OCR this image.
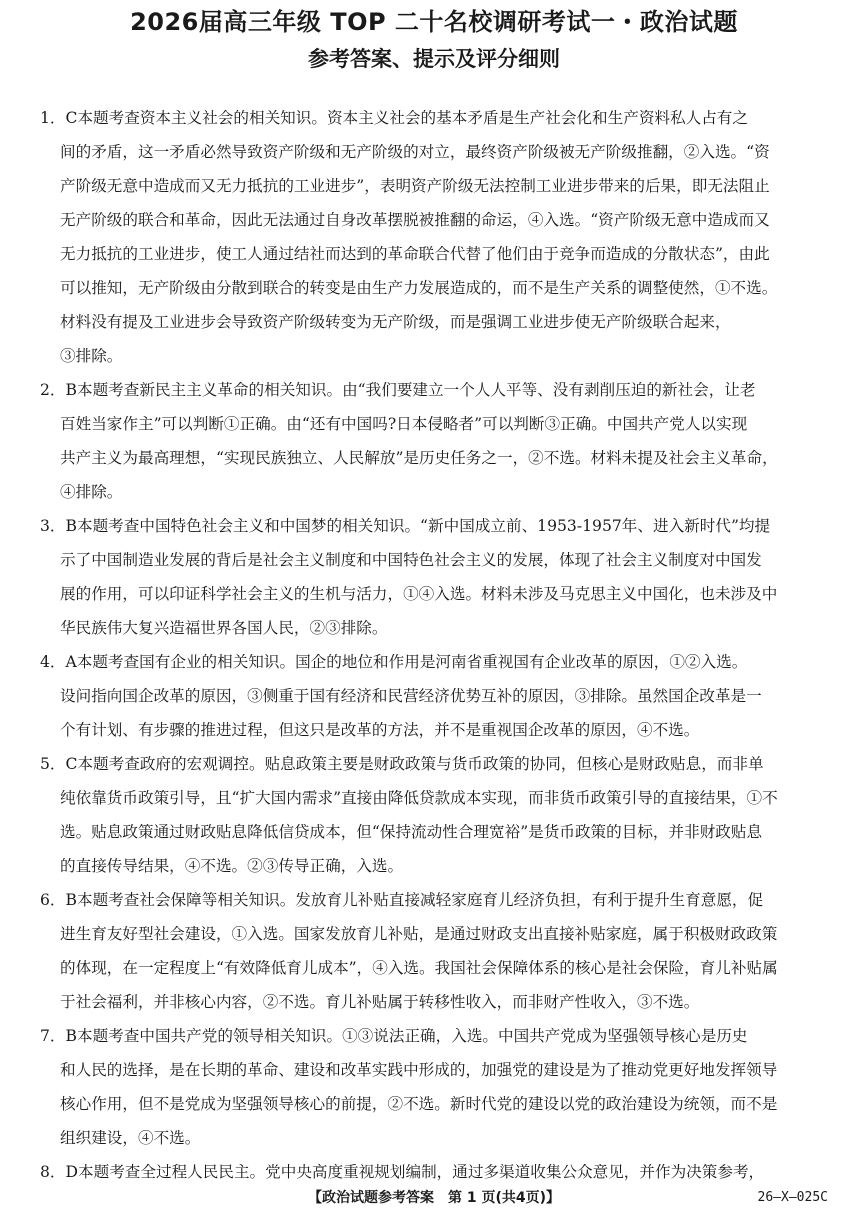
2026届高三年级 TOP 二十名校调研考试一・政治试题
参考答案、提示及评分细则
1．C本题考查资本主义社会的相关知识。资本主义社会的基本矛盾是生产社会化和生产资料私人占有之
间的矛盾，这一矛盾必然导致资产阶级和无产阶级的对立，最终资产阶级被无产阶级推翻，②入选。“资
产阶级无意中造成而又无力抵抗的工业进步”，表明资产阶级无法控制工业进步带来的后果，即无法阻止
无产阶级的联合和革命，因此无法通过自身改革摆脱被推翻的命运，④入选。“资产阶级无意中造成而又
无力抵抗的工业进步，使工人通过结社而达到的革命联合代替了他们由于竞争而造成的分散状态”，由此
可以推知，无产阶级由分散到联合的转变是由生产力发展造成的，而不是生产关系的调整使然，①不选。
材料没有提及工业进步会导致资产阶级转变为无产阶级，而是强调工业进步使无产阶级联合起来，
③排除。
2．B本题考查新民主主义革命的相关知识。由“我们要建立一个人人平等、没有剥削压迫的新社会，让老
百姓当家作主”可以判断①正确。由“还有中国吗?日本侵略者”可以判断③正确。中国共产党人以实现
共产主义为最高理想，“实现民族独立、人民解放”是历史任务之一，②不选。材料未提及社会主义革命，
④排除。
3．B本题考查中国特色社会主义和中国梦的相关知识。“新中国成立前、1953-1957年、进入新时代”均提
示了中国制造业发展的背后是社会主义制度和中国特色社会主义的发展，体现了社会主义制度对中国发
展的作用，可以印证科学社会主义的生机与活力，①④入选。材料未涉及马克思主义中国化，也未涉及中
华民族伟大复兴造福世界各国人民，②③排除。
4．A本题考查国有企业的相关知识。国企的地位和作用是河南省重视国有企业改革的原因，①②入选。
设问指向国企改革的原因，③侧重于国有经济和民营经济优势互补的原因，③排除。虽然国企改革是一
个有计划、有步骤的推进过程，但这只是改革的方法，并不是重视国企改革的原因，④不选。
5．C本题考查政府的宏观调控。贴息政策主要是财政政策与货币政策的协同，但核心是财政贴息，而非单
纯依靠货币政策引导，且“扩大国内需求”直接由降低贷款成本实现，而非货币政策引导的直接结果，①不
选。贴息政策通过财政贴息降低信贷成本，但“保持流动性合理宽裕”是货币政策的目标，并非财政贴息
的直接传导结果，④不选。②③传导正确，入选。
6．B本题考查社会保障等相关知识。发放育儿补贴直接减轻家庭育儿经济负担，有利于提升生育意愿，促
进生育友好型社会建设，①入选。国家发放育儿补贴，是通过财政支出直接补贴家庭，属于积极财政政策
的体现，在一定程度上“有效降低育儿成本”，④入选。我国社会保障体系的核心是社会保险，育儿补贴属
于社会福利，并非核心内容，②不选。育儿补贴属于转移性收入，而非财产性收入，③不选。
7．B本题考查中国共产党的领导相关知识。①③说法正确，入选。中国共产党成为坚强领导核心是历史
和人民的选择，是在长期的革命、建设和改革实践中形成的，加强党的建设是为了推动党更好地发挥领导
核心作用，但不是党成为坚强领导核心的前提，②不选。新时代党的建设以党的政治建设为统领，而不是
组织建设，④不选。
8．D本题考查全过程人民民主。党中央高度重视规划编制，通过多渠道收集公众意见，并作为决策参考，
【政治试题参考答案　第 1 页(共4页)】	26—X—025C
